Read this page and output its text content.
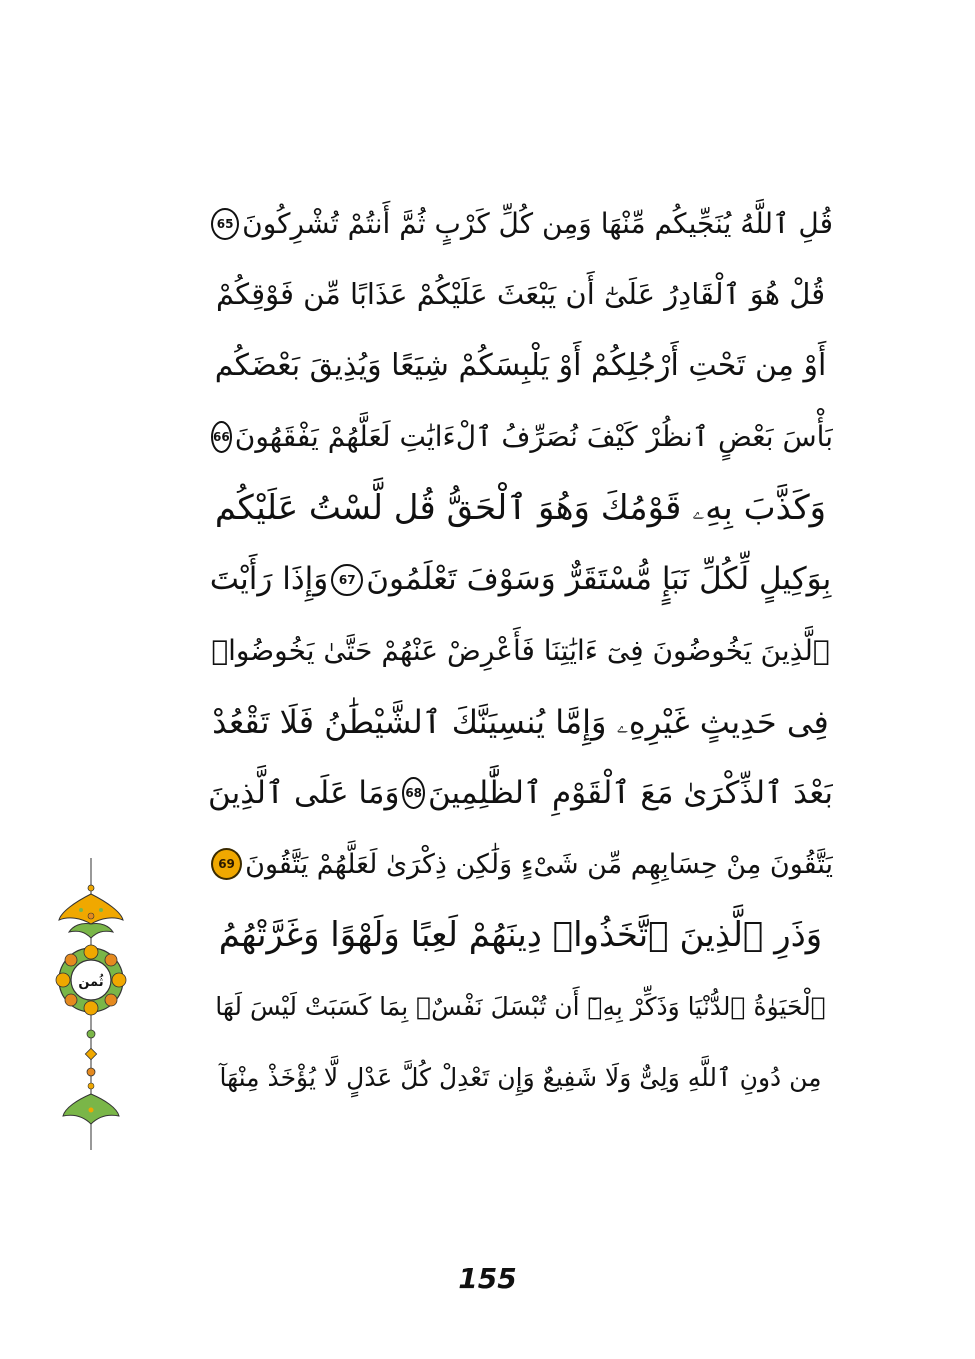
قُلِ ٱللَّهُ يُنَجِّيكُم مِّنْهَا وَمِن كُلِّ كَرْبٍ ثُمَّ أَنتُمْ تُشْرِكُونَ
65
قُلْ هُوَ ٱلْقَادِرُ عَلَىٰٓ أَن يَبْعَثَ عَلَيْكُمْ عَذَابًا مِّن فَوْقِكُمْ
أَوْ مِن تَحْتِ أَرْجُلِكُمْ أَوْ يَلْبِسَكُمْ شِيَعًا وَيُذِيقَ بَعْضَكُم
بَأْسَ بَعْضٍ ٱنظُرْ كَيْفَ نُصَرِّفُ ٱلْءَايَٰتِ لَعَلَّهُمْ يَفْقَهُونَ
66
وَكَذَّبَ بِهِۦ قَوْمُكَ وَهُوَ ٱلْحَقُّ قُل لَّسْتُ عَلَيْكُم
بِوَكِيلٍ لِّكُلِّ نَبَإٍ مُّسْتَقَرٌّ وَسَوْفَ تَعْلَمُونَ
67
وَإِذَا رَأَيْتَ
ٱلَّذِينَ يَخُوضُونَ فِىٓ ءَايَٰتِنَا فَأَعْرِضْ عَنْهُمْ حَتَّىٰ يَخُوضُوا۟
فِى حَدِيثٍ غَيْرِهِۦ وَإِمَّا يُنسِيَنَّكَ ٱلشَّيْطَٰنُ فَلَا تَقْعُدْ
بَعْدَ ٱلذِّكْرَىٰ مَعَ ٱلْقَوْمِ ٱلظَّٰلِمِينَ
68
وَمَا عَلَى ٱلَّذِينَ
يَتَّقُونَ مِنْ حِسَابِهِم مِّن شَىْءٍ وَلَٰكِن ذِكْرَىٰ لَعَلَّهُمْ يَتَّقُونَ
69
وَذَرِ ٱلَّذِينَ ٱتَّخَذُوا۟ دِينَهُمْ لَعِبًا وَلَهْوًا وَغَرَّتْهُمُ
ٱلْحَيَوٰةُ ٱلدُّنْيَا وَذَكِّرْ بِهِۦٓ أَن تُبْسَلَ نَفْسٌۢ بِمَا كَسَبَتْ لَيْسَ لَهَا
مِن دُونِ ٱللَّهِ وَلِىٌّ وَلَا شَفِيعٌ وَإِن تَعْدِلْ كُلَّ عَدْلٍ لَّا يُؤْخَذْ مِنْهَآ
ثُمن
155
